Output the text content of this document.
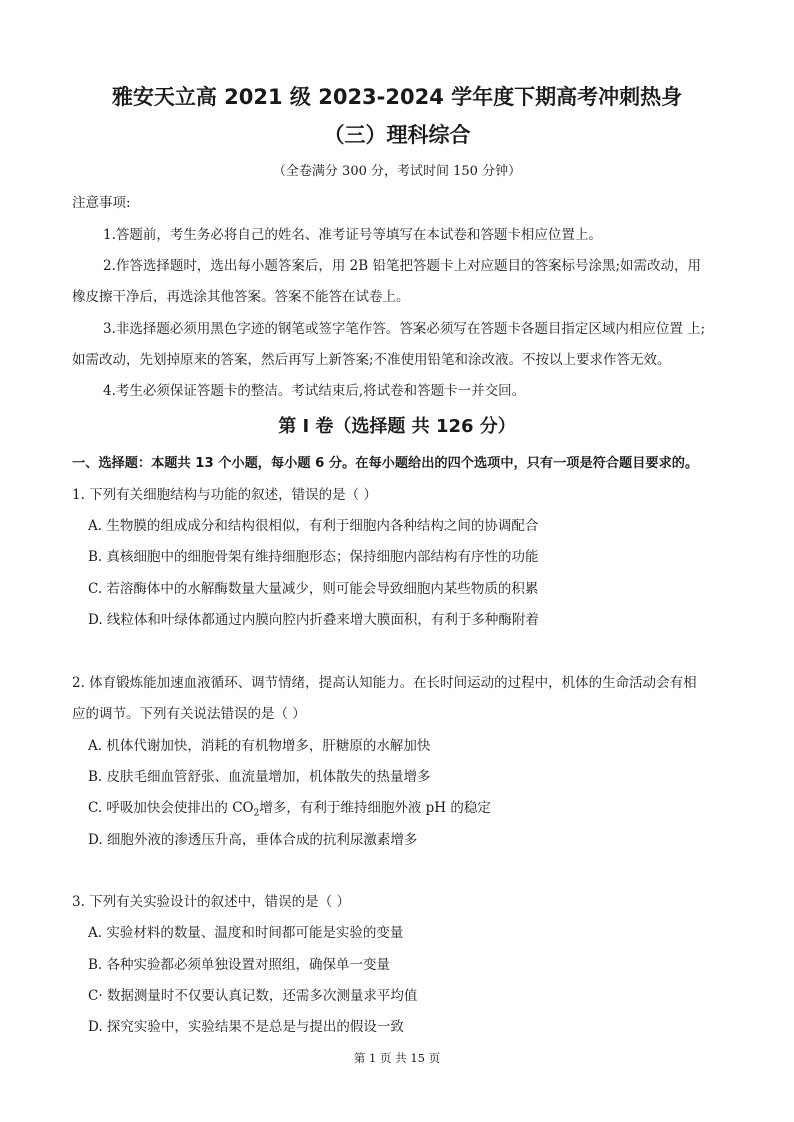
雅安天立高 2021 级 2023-2024 学年度下期高考冲刺热身
（三）理科综合
（全卷满分 300 分，考试时间 150 分钟）
注意事项:
1.答题前，考生务必将自己的姓名、准考证号等填写在本试卷和答题卡相应位置上。
2.作答选择题时，选出每小题答案后，用 2B 铅笔把答题卡上对应题目的答案标号涂黑;如需改动，用
橡皮擦干净后，再选涂其他答案。答案不能答在试卷上。
3.非选择题必须用黑色字迹的钢笔或签字笔作答。答案必须写在答题卡各题目指定区域内相应位置 上;
如需改动，先划掉原来的答案，然后再写上新答案;不准使用铅笔和涂改液。不按以上要求作答无效。
4.考生必须保证答题卡的整洁。考试结束后,将试卷和答题卡一并交回。
第 I 卷（选择题 共 126 分）
一、选择题：本题共 13 个小题，每小题 6 分。在每小题给出的四个选项中，只有一项是符合题目要求的。
1. 下列有关细胞结构与功能的叙述，错误的是（ ）
A. 生物膜的组成成分和结构很相似，有利于细胞内各种结构之间的协调配合
B. 真核细胞中的细胞骨架有维持细胞形态；保持细胞内部结构有序性的功能
C. 若溶酶体中的水解酶数量大量减少，则可能会导致细胞内某些物质的积累
D. 线粒体和叶绿体都通过内膜向腔内折叠来增大膜面积，有利于多种酶附着
2. 体育锻炼能加速血液循环、调节情绪，提高认知能力。在长时间运动的过程中，机体的生命活动会有相
应的调节。下列有关说法错误的是（ ）
A. 机体代谢加快，消耗的有机物增多，肝糖原的水解加快
B. 皮肤毛细血管舒张、血流量增加，机体散失的热量增多
C. 呼吸加快会使排出的 $CO_2$增多，有利于维持细胞外液 pH 的稳定
D. 细胞外液的渗透压升高，垂体合成的抗利尿激素增多
3. 下列有关实验设计的叙述中，错误的是（ ）
A. 实验材料的数量、温度和时间都可能是实验的变量
B. 各种实验都必须单独设置对照组，确保单一变量
C· 数据测量时不仅要认真记数，还需多次测量求平均值
D. 探究实验中，实验结果不是总是与提出的假设一致
第 1 页 共 15 页
